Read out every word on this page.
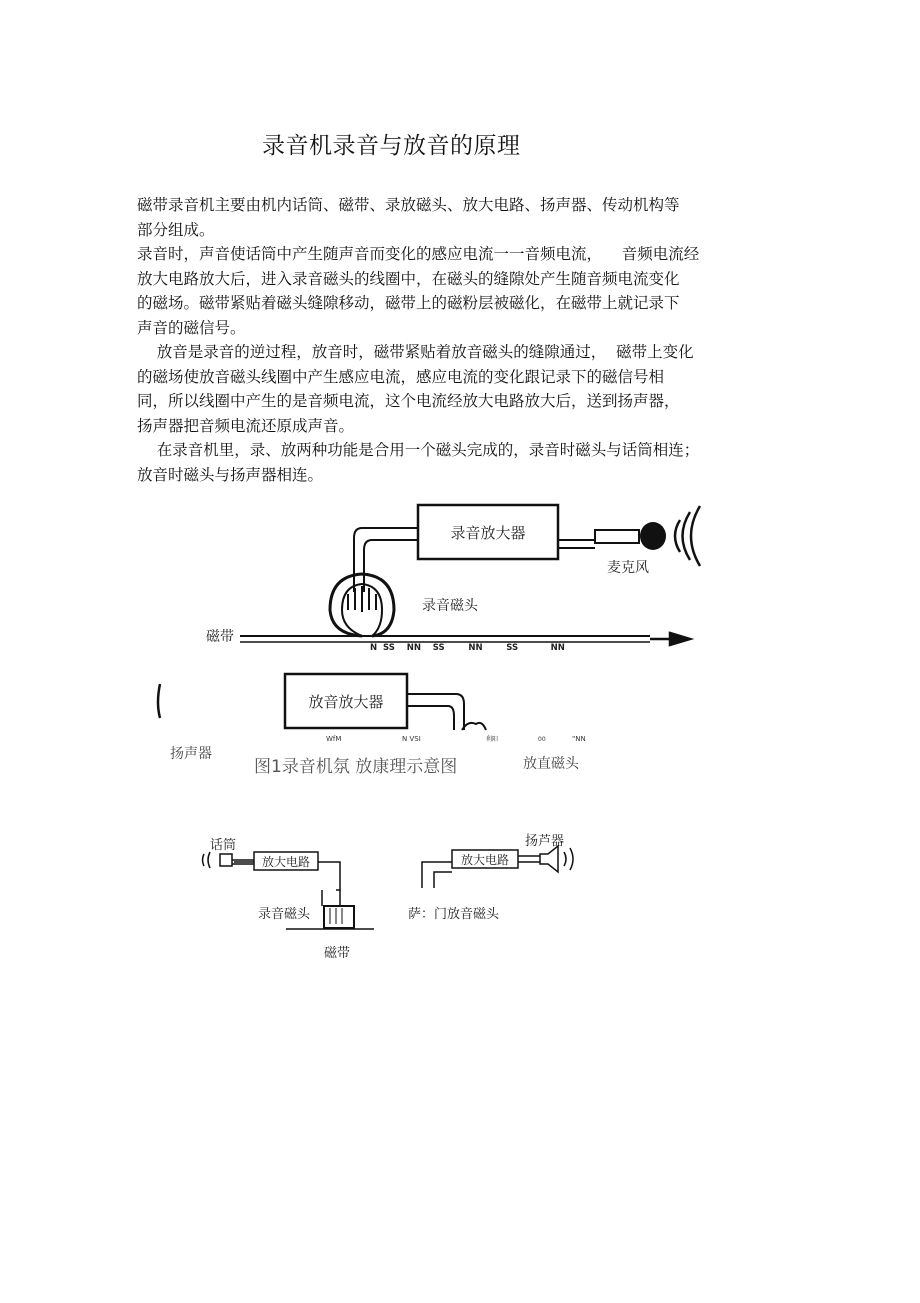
录音机录音与放音的原理

磁带录音机主要由机内话筒、磁带、录放磁头、放大电路、扬声器、传动机构等

部分组成。

录音时，声音使话筒中产生随声音而变化的感应电流一一音频电流，    音频电流经

放大电路放大后，进入录音磁头的线圈中，在磁头的缝隙处产生随音频电流变化

的磁场。磁带紧贴着磁头缝隙移动，磁带上的磁粉层被磁化，在磁带上就记录下

声音的磁信号。

放音是录音的逆过程，放音时，磁带紧贴着放音磁头的缝隙通过，  磁带上变化

的磁场使放音磁头线圈中产生感应电流，感应电流的变化跟记录下的磁信号相

同，所以线圈中产生的是音频电流，这个电流经放大电路放大后，送到扬声器，

扬声器把音频电流还原成声音。

在录音机里，录、放两种功能是合用一个磁头完成的，录音时磁头与话筒相连；

放音时磁头与扬声器相连。

录音放大器
麦克风
录音磁头
磁带
N  SS    NN    SS        NN        SS           NN
放音放大器
WfM	N VSI	利阳	00	"NN
扬声器
图1录音机氛 放康理示意图	放直磁头
话筒
放大电路
录音磁头
磁带
扬芦器
放大电路
萨：门放音磁头
